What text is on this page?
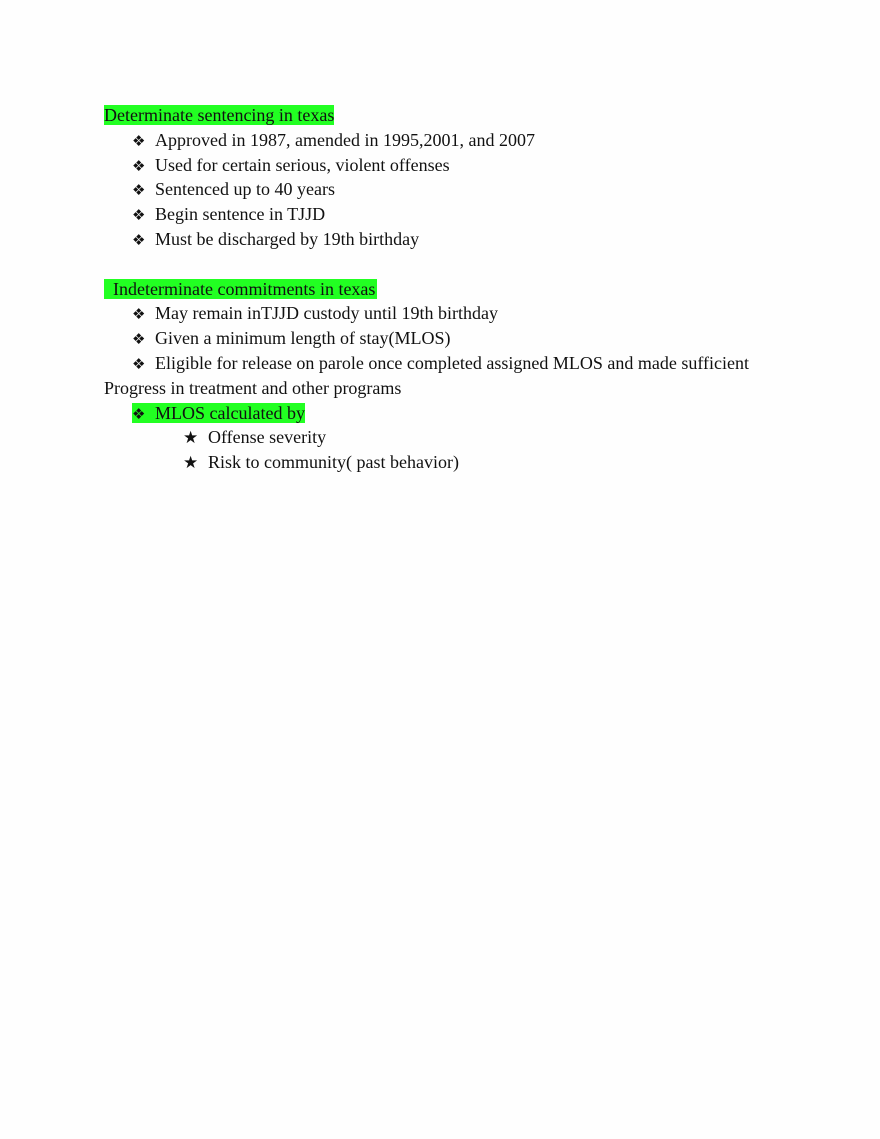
Determinate sentencing in texas
❖ Approved in 1987, amended in 1995,2001, and 2007
❖ Used for certain serious, violent offenses
❖ Sentenced up to 40 years
❖ Begin sentence in TJJD
❖ Must be discharged by 19th birthday
Indeterminate commitments in texas
❖ May remain inTJJD custody until 19th birthday
❖ Given a minimum length of stay(MLOS)
❖ Eligible for release on parole once completed assigned MLOS and made sufficient
Progress in treatment and other programs
❖ MLOS calculated by
★ Offense severity
★ Risk to community( past behavior)
